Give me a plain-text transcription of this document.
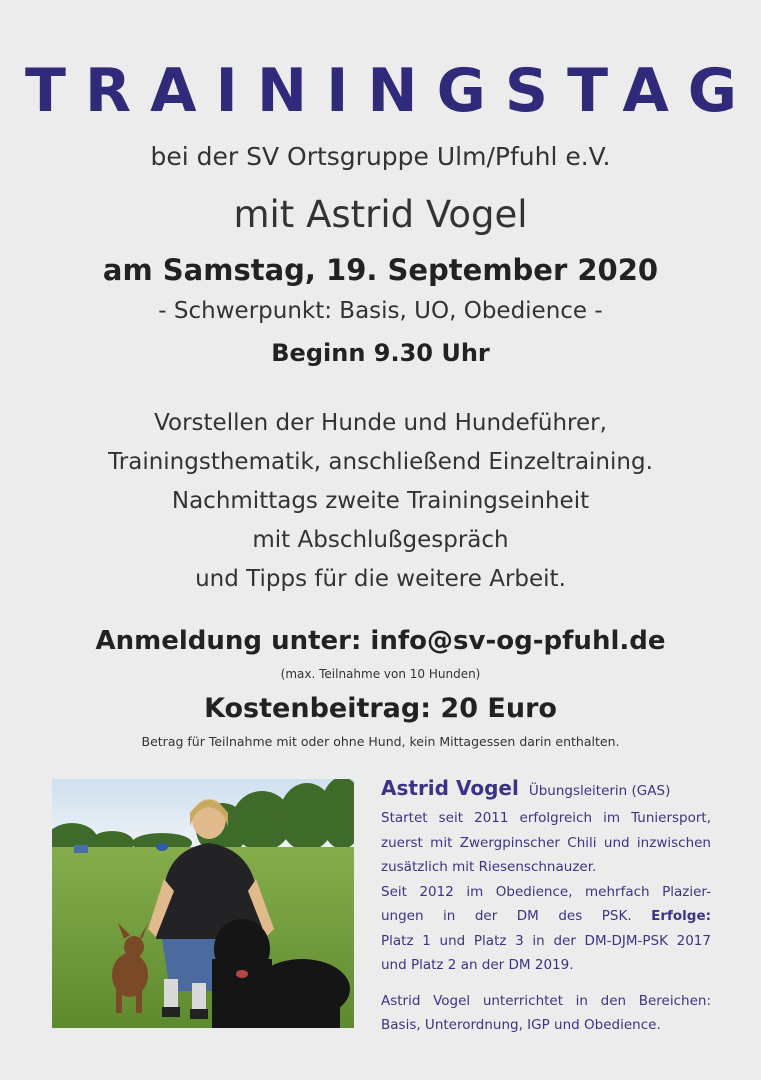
TRAININGSTAG
bei der SV Ortsgruppe Ulm/Pfuhl e.V.
mit Astrid Vogel
am Samstag, 19. September 2020
- Schwerpunkt: Basis, UO, Obedience -
Beginn 9.30 Uhr
Vorstellen der Hunde und Hundeführer,
Trainingsthematik, anschließend Einzeltraining.
Nachmittags zweite Trainingseinheit
mit Abschlußgespräch
und Tipps für die weitere Arbeit.
Anmeldung unter: info@sv-og-pfuhl.de
(max. Teilnahme von 10 Hunden)
Kostenbeitrag: 20 Euro
Betrag für Teilnahme mit oder ohne Hund, kein Mittagessen darin enthalten.
Astrid Vogel Übungsleiterin (GAS)
Startet seit 2011 erfolgreich im Tuniersport,
zuerst mit Zwergpinscher Chili und inzwischen
zusätzlich mit Riesenschnauzer.
Seit 2012 im Obedience, mehrfach Plazier-
ungen in der DM des PSK. Erfolge:
Platz 1 und Platz 3 in der DM-DJM-PSK 2017
und Platz 2 an der DM 2019.
Astrid Vogel unterrichtet in den Bereichen:
Basis, Unterordnung, IGP und Obedience.
